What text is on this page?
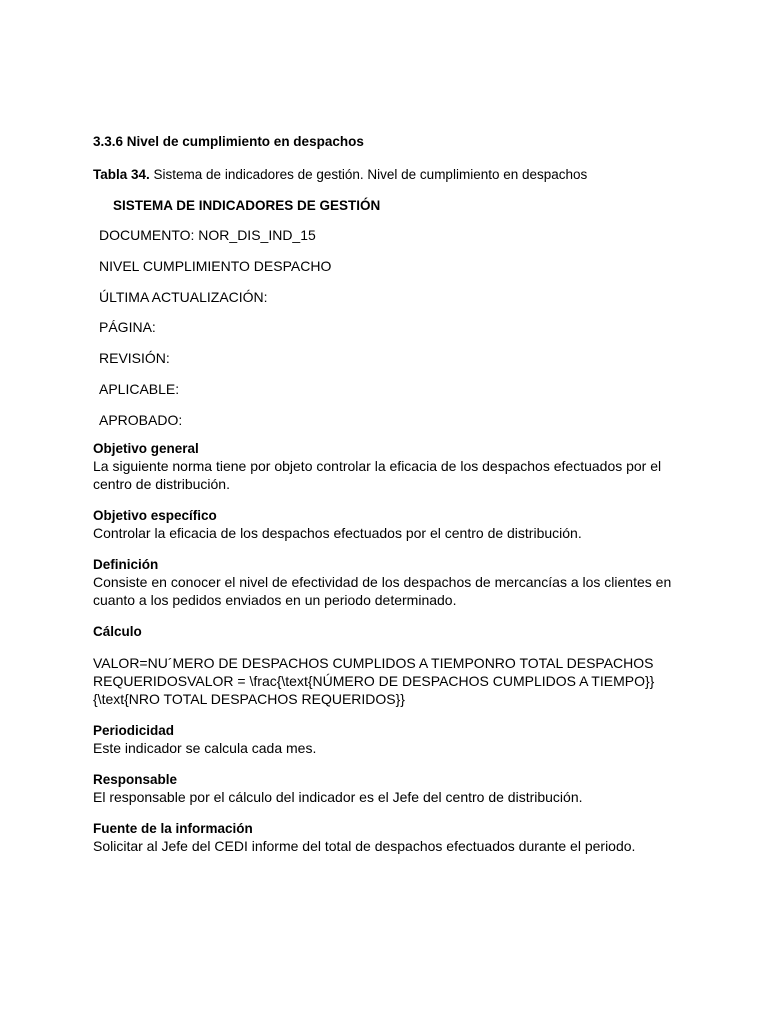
3.3.6 Nivel de cumplimiento en despachos
Tabla 34. Sistema de indicadores de gestión. Nivel de cumplimiento en despachos
SISTEMA DE INDICADORES DE GESTIÓN
DOCUMENTO: NOR_DIS_IND_15
NIVEL CUMPLIMIENTO DESPACHO
ÚLTIMA ACTUALIZACIÓN:
PÁGINA:
REVISIÓN:
APLICABLE:
APROBADO:
Objetivo general
La siguiente norma tiene por objeto controlar la eficacia de los despachos efectuados por el centro de distribución.
Objetivo específico
Controlar la eficacia de los despachos efectuados por el centro de distribución.
Definición
Consiste en conocer el nivel de efectividad de los despachos de mercancías a los clientes en cuanto a los pedidos enviados en un periodo determinado.
Cálculo
VALOR=NU´MERO DE DESPACHOS CUMPLIDOS A TIEMPONRO TOTAL DESPACHOS REQUERIDOSVALOR = \frac{\text{NÚMERO DE DESPACHOS CUMPLIDOS A TIEMPO}}{\text{NRO TOTAL DESPACHOS REQUERIDOS}}
Periodicidad
Este indicador se calcula cada mes.
Responsable
El responsable por el cálculo del indicador es el Jefe del centro de distribución.
Fuente de la información
Solicitar al Jefe del CEDI informe del total de despachos efectuados durante el periodo.
